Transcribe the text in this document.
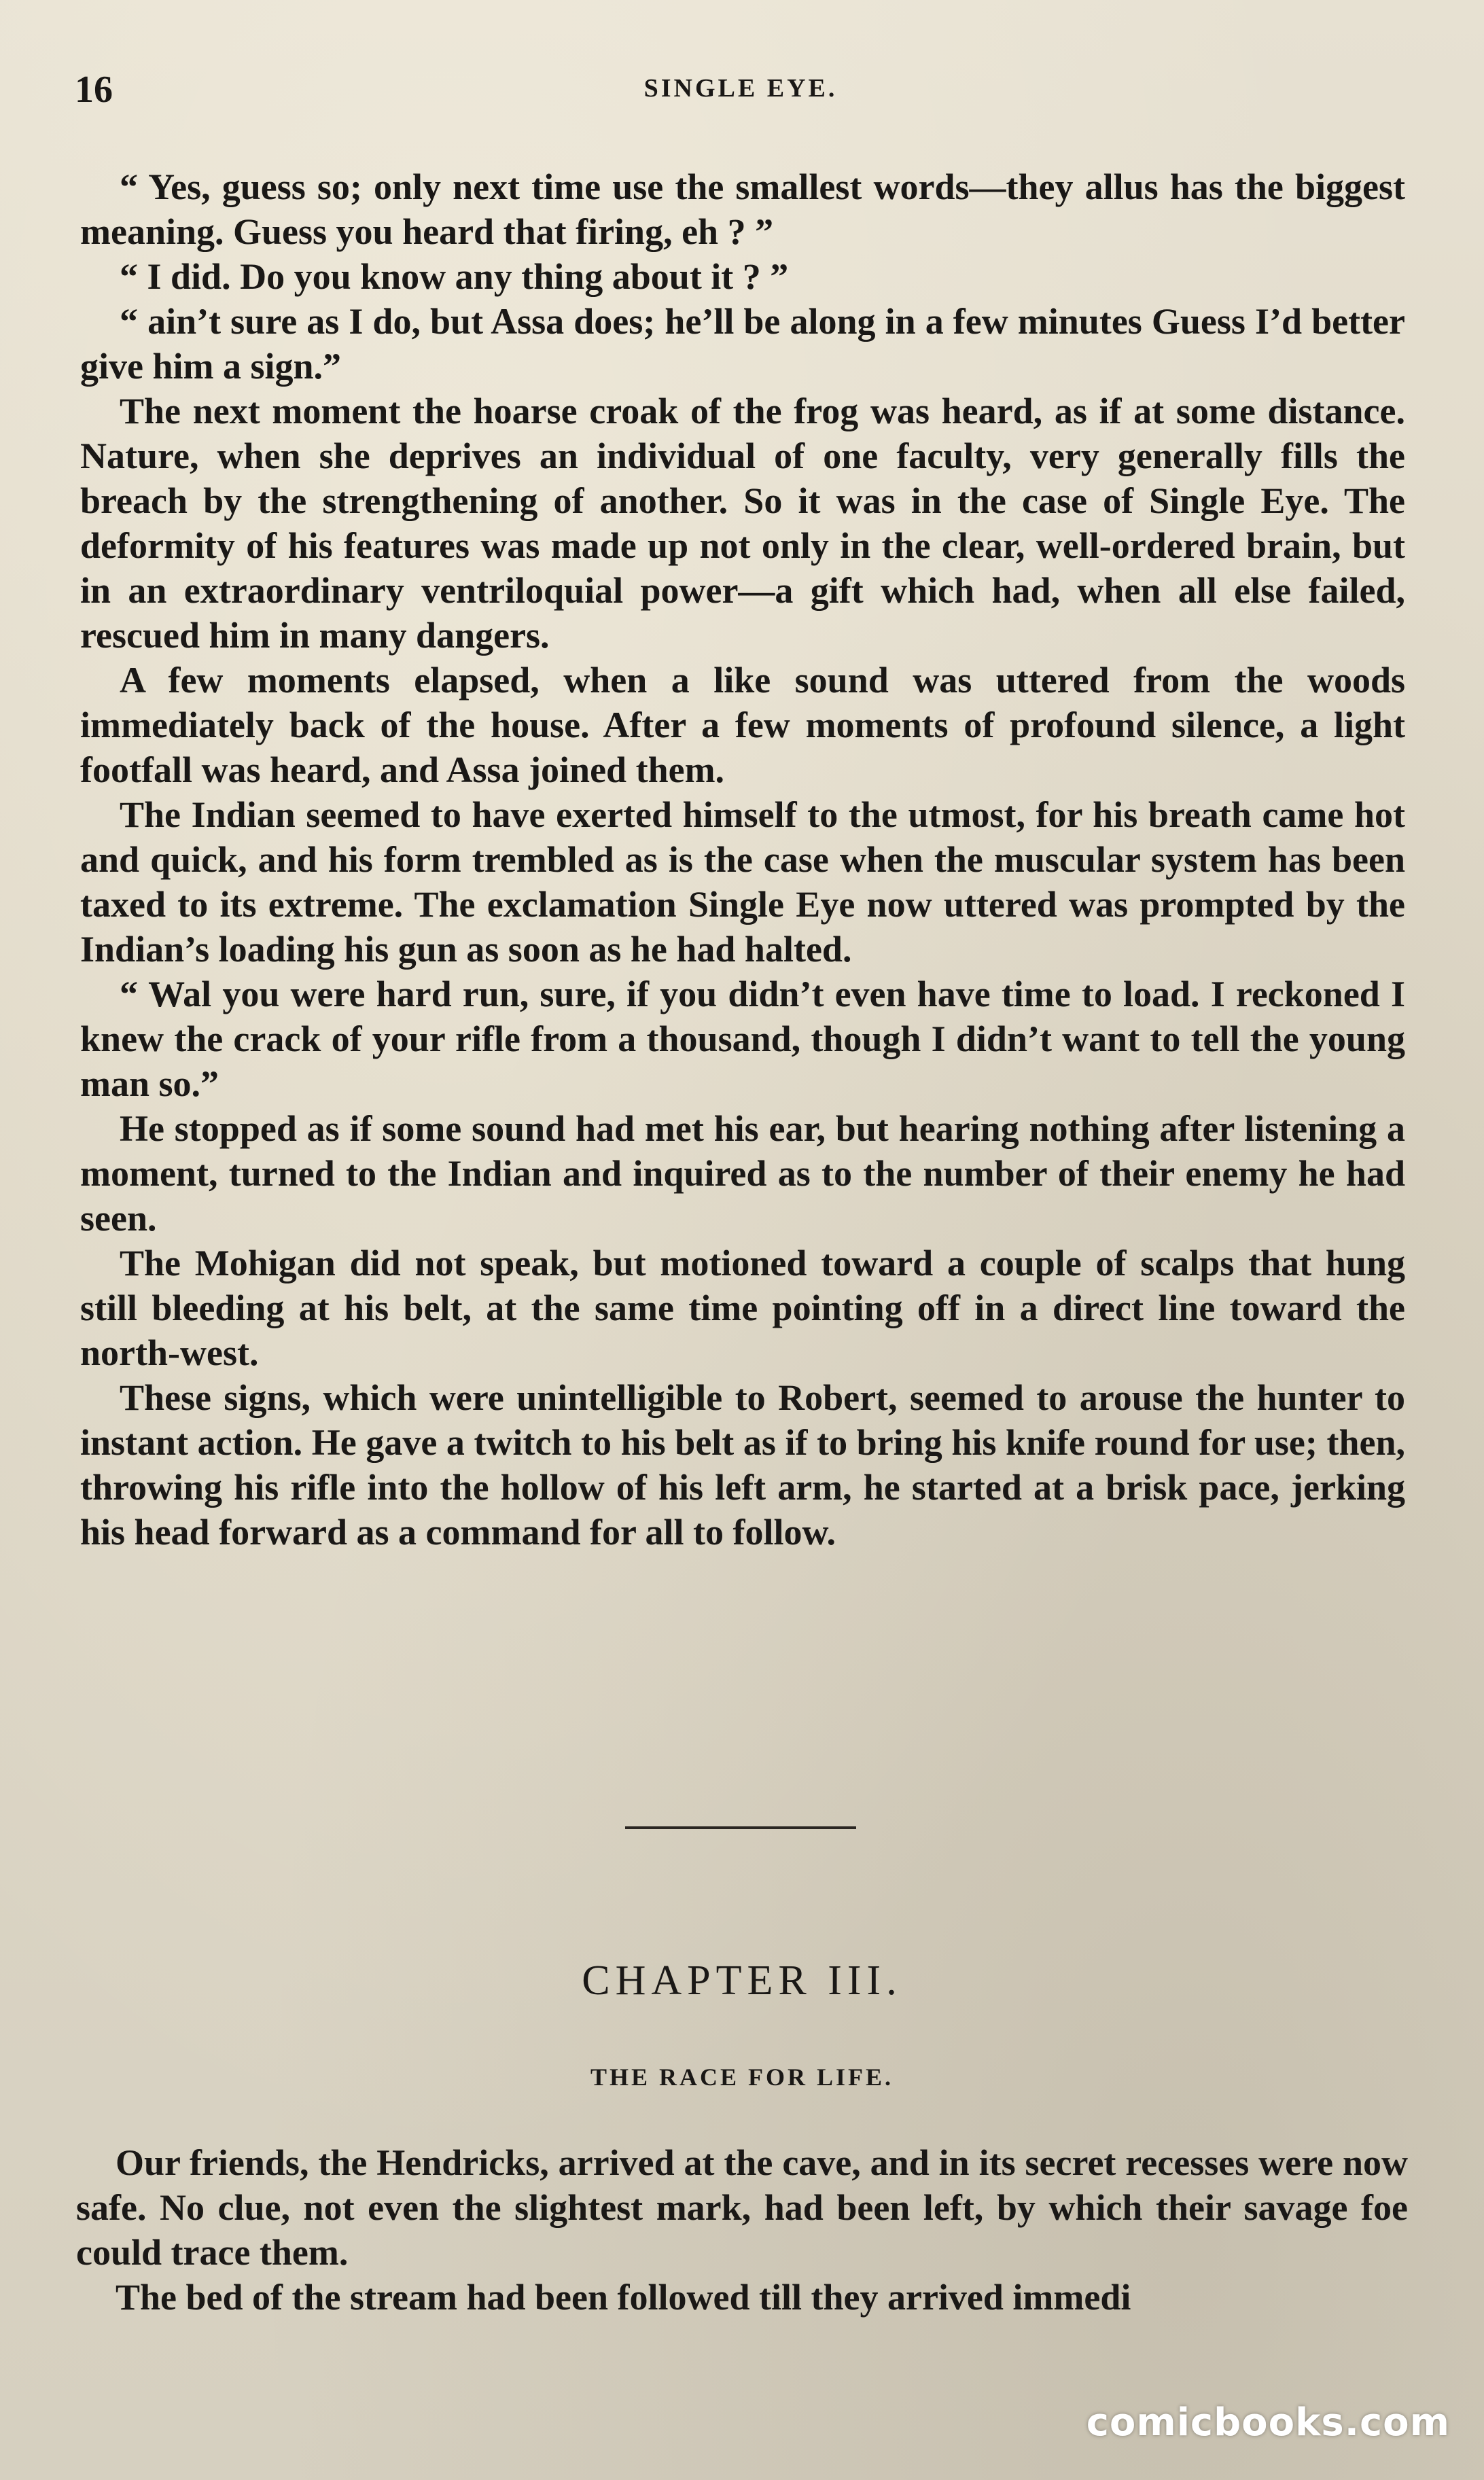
16	SINGLE EYE.

“ Yes, guess so; only next time use the smallest words—they allus has the biggest meaning. Guess you heard that firing, eh ? ”

“ I did. Do you know any thing about it ? ”

“ ain’t sure as I do, but Assa does; he’ll be along in a few minutes Guess I’d better give him a sign.”

The next moment the hoarse croak of the frog was heard, as if at some distance. Nature, when she deprives an individual of one faculty, very generally fills the breach by the strengthening of another. So it was in the case of Single Eye. The deformity of his features was made up not only in the clear, well-ordered brain, but in an extraordinary ventriloquial power—a gift which had, when all else failed, rescued him in many dangers.

A few moments elapsed, when a like sound was uttered from the woods immediately back of the house. After a few moments of profound silence, a light footfall was heard, and Assa joined them.

The Indian seemed to have exerted himself to the utmost, for his breath came hot and quick, and his form trembled as is the case when the muscular system has been taxed to its extreme. The exclamation Single Eye now uttered was prompted by the Indian’s loading his gun as soon as he had halted.

“ Wal you were hard run, sure, if you didn’t even have time to load. I reckoned I knew the crack of your rifle from a thousand, though I didn’t want to tell the young man so.”

He stopped as if some sound had met his ear, but hearing nothing after listening a moment, turned to the Indian and inquired as to the number of their enemy he had seen.

The Mohigan did not speak, but motioned toward a couple of scalps that hung still bleeding at his belt, at the same time pointing off in a direct line toward the north-west.

These signs, which were unintelligible to Robert, seemed to arouse the hunter to instant action. He gave a twitch to his belt as if to bring his knife round for use; then, throwing his rifle into the hollow of his left arm, he started at a brisk pace, jerking his head forward as a command for all to follow.

CHAPTER III.
THE RACE FOR LIFE.

Our friends, the Hendricks, arrived at the cave, and in its secret recesses were now safe. No clue, not even the slightest mark, had been left, by which their savage foe could trace them.

The bed of the stream had been followed till they arrived immedi

comicbooks.com
